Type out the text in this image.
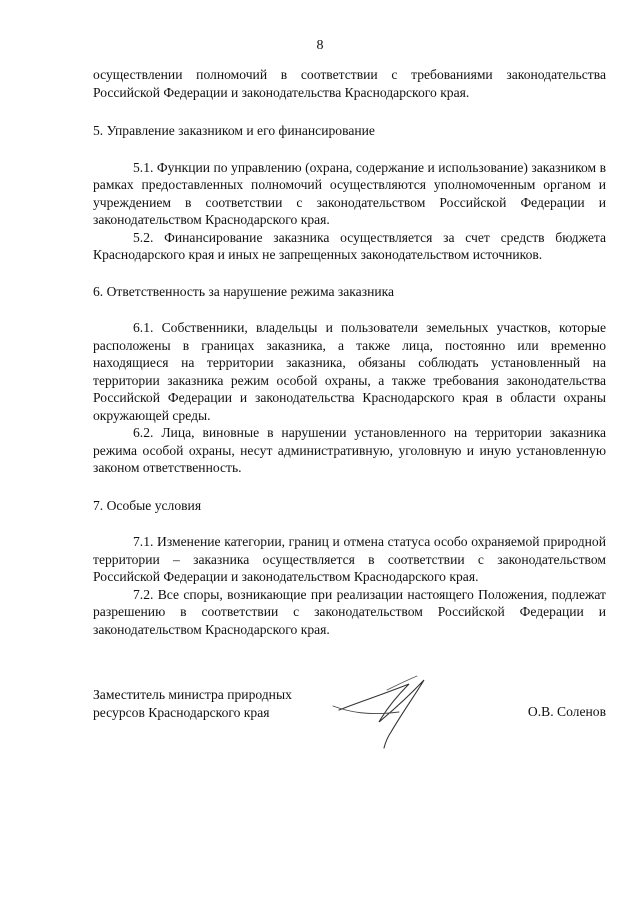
8

осуществлении полномочий в соответствии с требованиями законодательства Российской Федерации и законодательства Краснодарского края.

5. Управление заказником и его финансирование

5.1. Функции по управлению (охрана, содержание и использование) заказником в рамках предоставленных полномочий осуществляются уполномоченным органом и учреждением в соответствии с законодательством Российской Федерации и законодательством Краснодарского края.

5.2. Финансирование заказника осуществляется за счет средств бюджета Краснодарского края и иных не запрещенных законодательством источников.

6. Ответственность за нарушение режима заказника

6.1. Собственники, владельцы и пользователи земельных участков, которые расположены в границах заказника, а также лица, постоянно или временно находящиеся на территории заказника, обязаны соблюдать установленный на территории заказника режим особой охраны, а также требования законодательства Российской Федерации и законодательства Краснодарского края в области охраны окружающей среды.

6.2. Лица, виновные в нарушении установленного на территории заказника режима особой охраны, несут административную, уголовную и иную установленную законом ответственность.

7. Особые условия

7.1. Изменение категории, границ и отмена статуса особо охраняемой природной территории – заказника осуществляется в соответствии с законодательством Российской Федерации и законодательством Краснодарского края.

7.2. Все споры, возникающие при реализации настоящего Положения, подлежат разрешению в соответствии с законодательством Российской Федерации и законодательством Краснодарского края.

Заместитель министра природных
ресурсов Краснодарского края	О.В. Соленов
